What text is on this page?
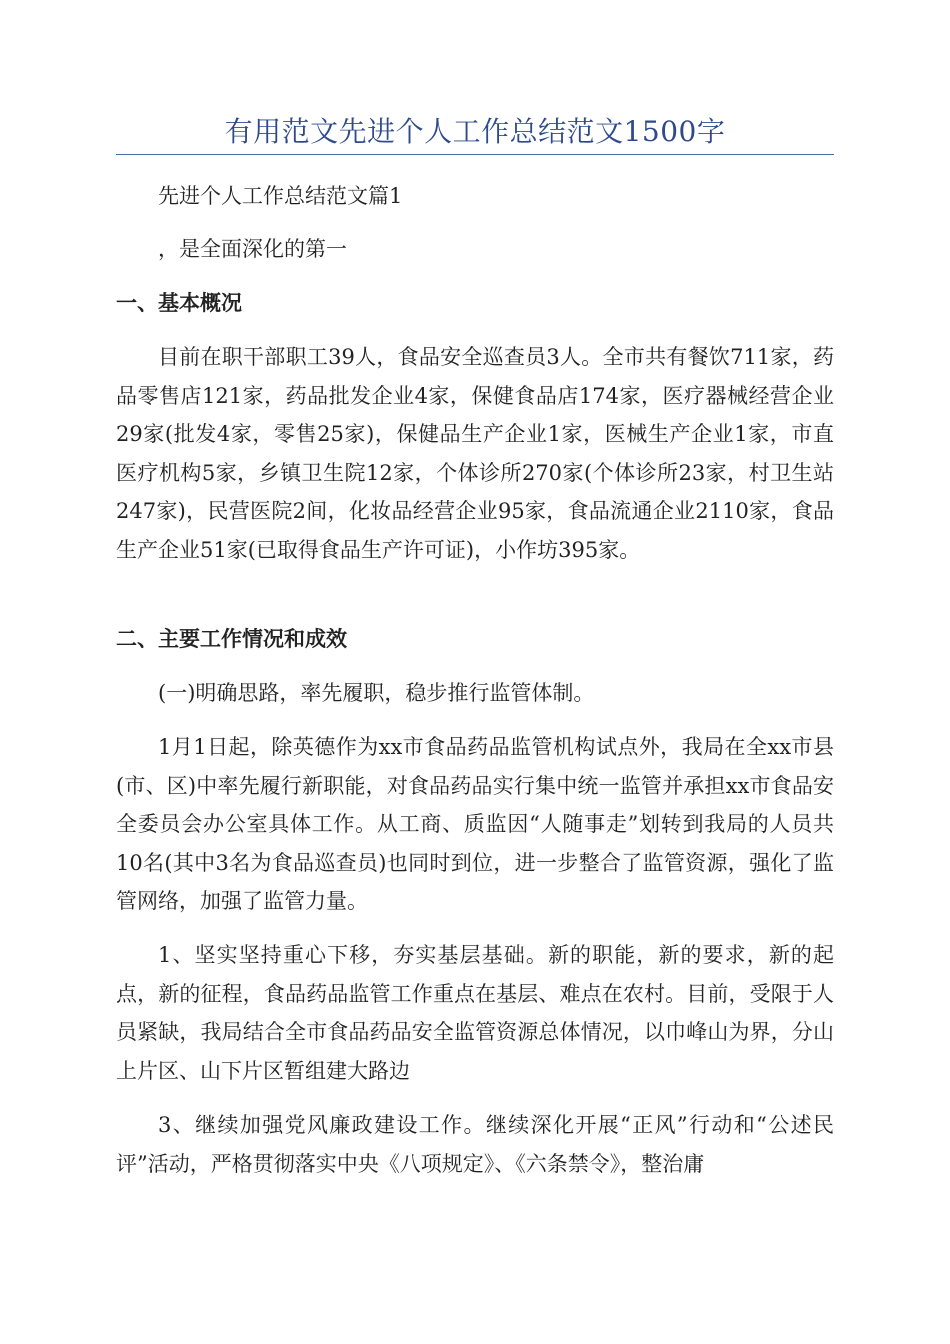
有用范文先进个人工作总结范文1500字

先进个人工作总结范文篇1

，是全面深化的第一

一、基本概况

目前在职干部职工39人，食品安全巡查员3人。全市共有餐饮711家，药品零售店121家，药品批发企业4家，保健食品店174家，医疗器械经营企业29家(批发4家，零售25家)，保健品生产企业1家，医械生产企业1家，市直医疗机构5家，乡镇卫生院12家，个体诊所270家(个体诊所23家，村卫生站247家)，民营医院2间，化妆品经营企业95家，食品流通企业2110家，食品生产企业51家(已取得食品生产许可证)，小作坊395家。

二、主要工作情况和成效

(一)明确思路，率先履职，稳步推行监管体制。

1月1日起，除英德作为xx市食品药品监管机构试点外，我局在全xx市县(市、区)中率先履行新职能，对食品药品实行集中统一监管并承担xx市食品安全委员会办公室具体工作。从工商、质监因“人随事走”划转到我局的人员共10名(其中3名为食品巡查员)也同时到位，进一步整合了监管资源，强化了监管网络，加强了监管力量。

1、坚实坚持重心下移，夯实基层基础。新的职能，新的要求，新的起点，新的征程，食品药品监管工作重点在基层、难点在农村。目前，受限于人员紧缺，我局结合全市食品药品安全监管资源总体情况，以巾峰山为界，分山上片区、山下片区暂组建大路边

3、继续加强党风廉政建设工作。继续深化开展“正风”行动和“公述民评”活动，严格贯彻落实中央《八项规定》、《六条禁令》，整治庸
